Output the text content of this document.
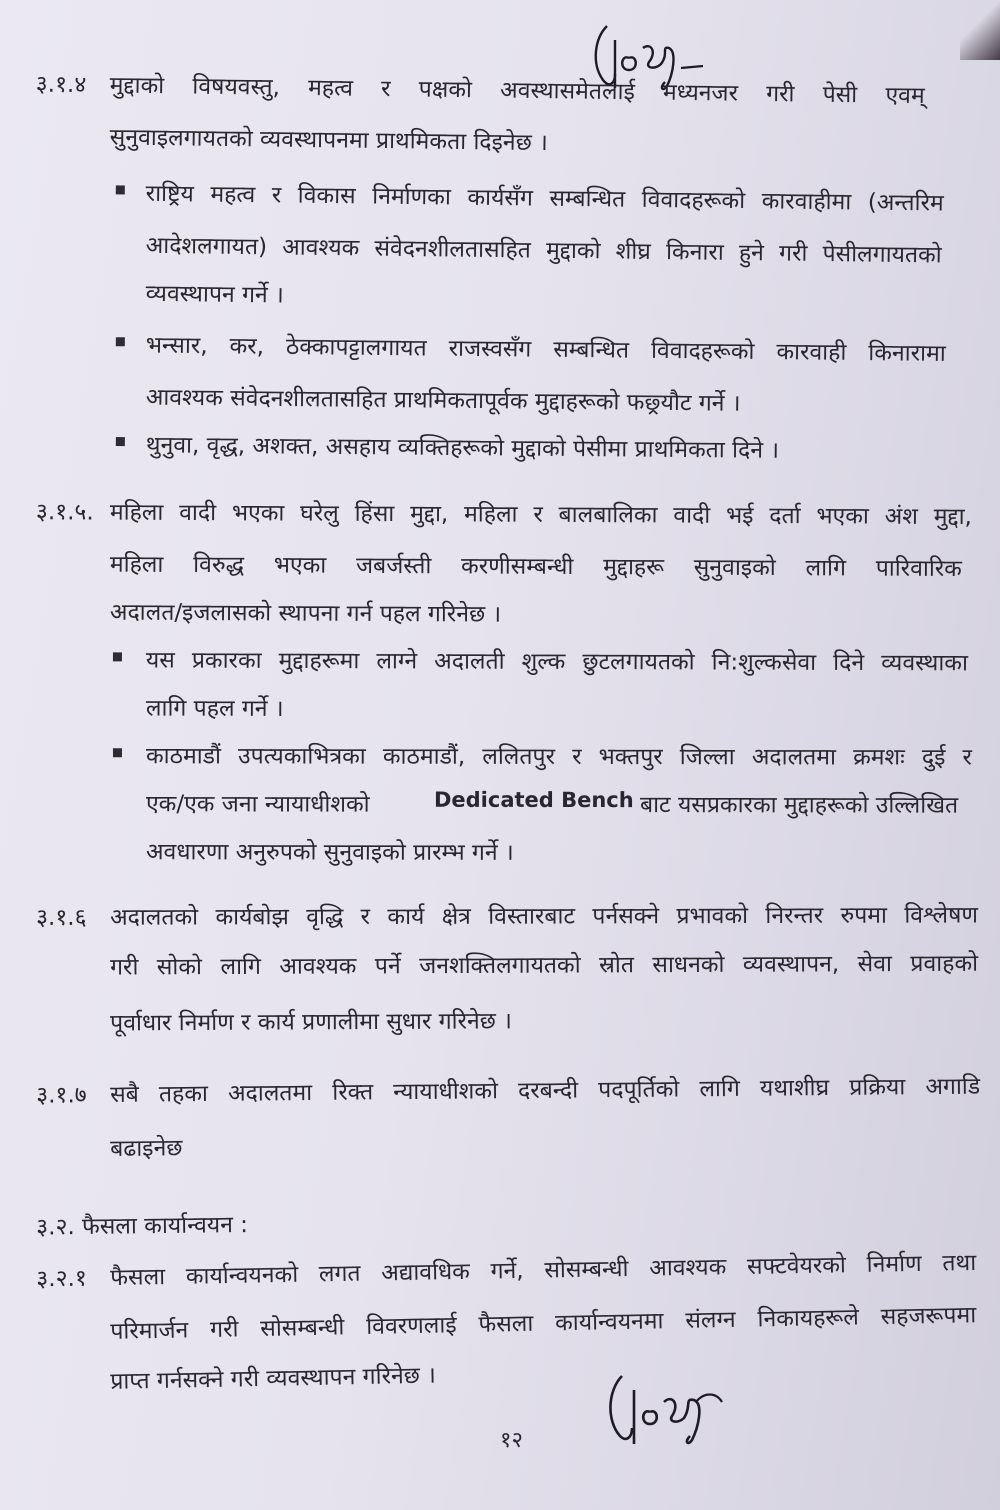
३.१.४ मुद्दाको विषयवस्तु, महत्व र पक्षको अवस्थासमेतलाई मध्यनजर गरी पेसी एवम्
सुनुवाइलगायतको व्यवस्थापनमा प्राथमिकता दिइनेछ ।
राष्ट्रिय महत्व र विकास निर्माणका कार्यसँग सम्बन्धित विवादहरूको कारवाहीमा (अन्तरिम
आदेशलगायत) आवश्यक संवेदनशीलतासहित मुद्दाको शीघ्र किनारा हुने गरी पेसीलगायतको
व्यवस्थापन गर्ने ।
भन्सार, कर, ठेक्कापट्टालगायत राजस्वसँग सम्बन्धित विवादहरूको कारवाही किनारामा
आवश्यक संवेदनशीलतासहित प्राथमिकतापूर्वक मुद्दाहरूको फछ्र्यौट गर्ने ।
थुनुवा, वृद्ध, अशक्त, असहाय व्यक्तिहरूको मुद्दाको पेसीमा प्राथमिकता दिने ।
३.१.५. महिला वादी भएका घरेलु हिंसा मुद्दा, महिला र बालबालिका वादी भई दर्ता भएका अंश मुद्दा,
महिला विरुद्ध भएका जबर्जस्ती करणीसम्बन्धी मुद्दाहरू सुनुवाइको लागि पारिवारिक
अदालत/इजलासको स्थापना गर्न पहल गरिनेछ ।
यस प्रकारका मुद्दाहरूमा लाग्ने अदालती शुल्क छुटलगायतको नि:शुल्कसेवा दिने व्यवस्थाका
लागि पहल गर्ने ।
काठमाडौं उपत्यकाभित्रका काठमाडौं, ललितपुर र भक्तपुर जिल्ला अदालतमा क्रमशः दुई र
एक/एक जना न्यायाधीशको	Dedicated Bench बाट यसप्रकारका मुद्दाहरूको उल्लिखित
अवधारणा अनुरुपको सुनुवाइको प्रारम्भ गर्ने ।
३.१.६ अदालतको कार्यबोझ वृद्धि र कार्य क्षेत्र विस्तारबाट पर्नसक्ने प्रभावको निरन्तर रुपमा विश्लेषण
गरी सोको लागि आवश्यक पर्ने जनशक्तिलगायतको स्रोत साधनको व्यवस्थापन, सेवा प्रवाहको
पूर्वाधार निर्माण र कार्य प्रणालीमा सुधार गरिनेछ ।
३.१.७ सबै तहका अदालतमा रिक्त न्यायाधीशको दरबन्दी पदपूर्तिको लागि यथाशीघ्र प्रक्रिया अगाडि
बढाइनेछ
३.२. फैसला कार्यान्वयन :
३.२.१ फैसला कार्यान्वयनको लगत अद्यावधिक गर्ने, सोसम्बन्धी आवश्यक सफ्टवेयरको निर्माण तथा
परिमार्जन गरी सोसम्बन्धी विवरणलाई फैसला कार्यान्वयनमा संलग्न निकायहरूले सहजरूपमा
प्राप्त गर्नसक्ने गरी व्यवस्थापन गरिनेछ ।
१२
